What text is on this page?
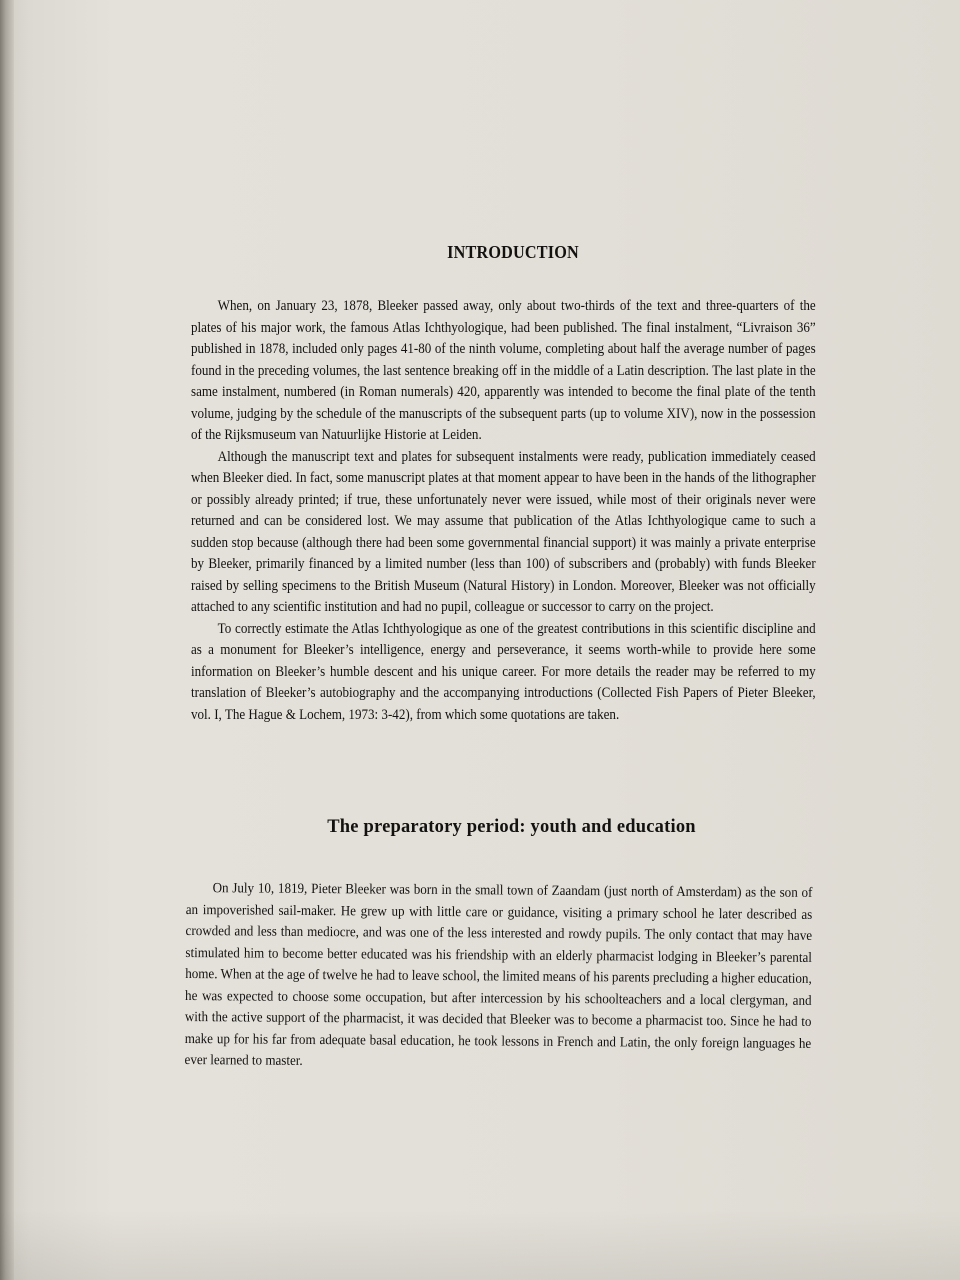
INTRODUCTION

When, on January 23, 1878, Bleeker passed away, only about two-thirds of the text and three-quarters of the plates of his major work, the famous Atlas Ichthyologique, had been published. The final instalment, “Livraison 36” published in 1878, included only pages 41-80 of the ninth volume, completing about half the average number of pages found in the preceding volumes, the last sentence breaking off in the middle of a Latin description. The last plate in the same instalment, numbered (in Roman numerals) 420, apparently was intended to become the final plate of the tenth volume, judging by the schedule of the manuscripts of the subsequent parts (up to volume XIV), now in the possession of the Rijksmuseum van Natuurlijke Historie at Leiden.

Although the manuscript text and plates for subsequent instalments were ready, publication immediately ceased when Bleeker died. In fact, some manuscript plates at that moment appear to have been in the hands of the lithographer or possibly already printed; if true, these unfortunately never were issued, while most of their originals never were returned and can be considered lost. We may assume that publication of the Atlas Ichthyologique came to such a sudden stop because (although there had been some governmental financial support) it was mainly a private enterprise by Bleeker, primarily financed by a limited number (less than 100) of subscribers and (probably) with funds Bleeker raised by selling specimens to the British Museum (Natural History) in London. Moreover, Bleeker was not officially attached to any scientific institution and had no pupil, colleague or successor to carry on the project.

To correctly estimate the Atlas Ichthyologique as one of the greatest contributions in this scientific discipline and as a monument for Bleeker’s intelligence, energy and perseverance, it seems worth-while to provide here some information on Bleeker’s humble descent and his unique career. For more details the reader may be referred to my translation of Bleeker’s autobiography and the accompanying introductions (Collected Fish Papers of Pieter Bleeker, vol. I, The Hague & Lochem, 1973: 3-42), from which some quotations are taken.

The preparatory period: youth and education

On July 10, 1819, Pieter Bleeker was born in the small town of Zaandam (just north of Amsterdam) as the son of an impoverished sail-maker. He grew up with little care or guidance, visiting a primary school he later described as crowded and less than mediocre, and was one of the less interested and rowdy pupils. The only contact that may have stimulated him to become better educated was his friendship with an elderly pharmacist lodging in Bleeker’s parental home. When at the age of twelve he had to leave school, the limited means of his parents precluding a higher education, he was expected to choose some occupation, but after intercession by his schoolteachers and a local clergyman, and with the active support of the pharmacist, it was decided that Bleeker was to become a pharmacist too. Since he had to make up for his far from adequate basal education, he took lessons in French and Latin, the only foreign languages he ever learned to master.
